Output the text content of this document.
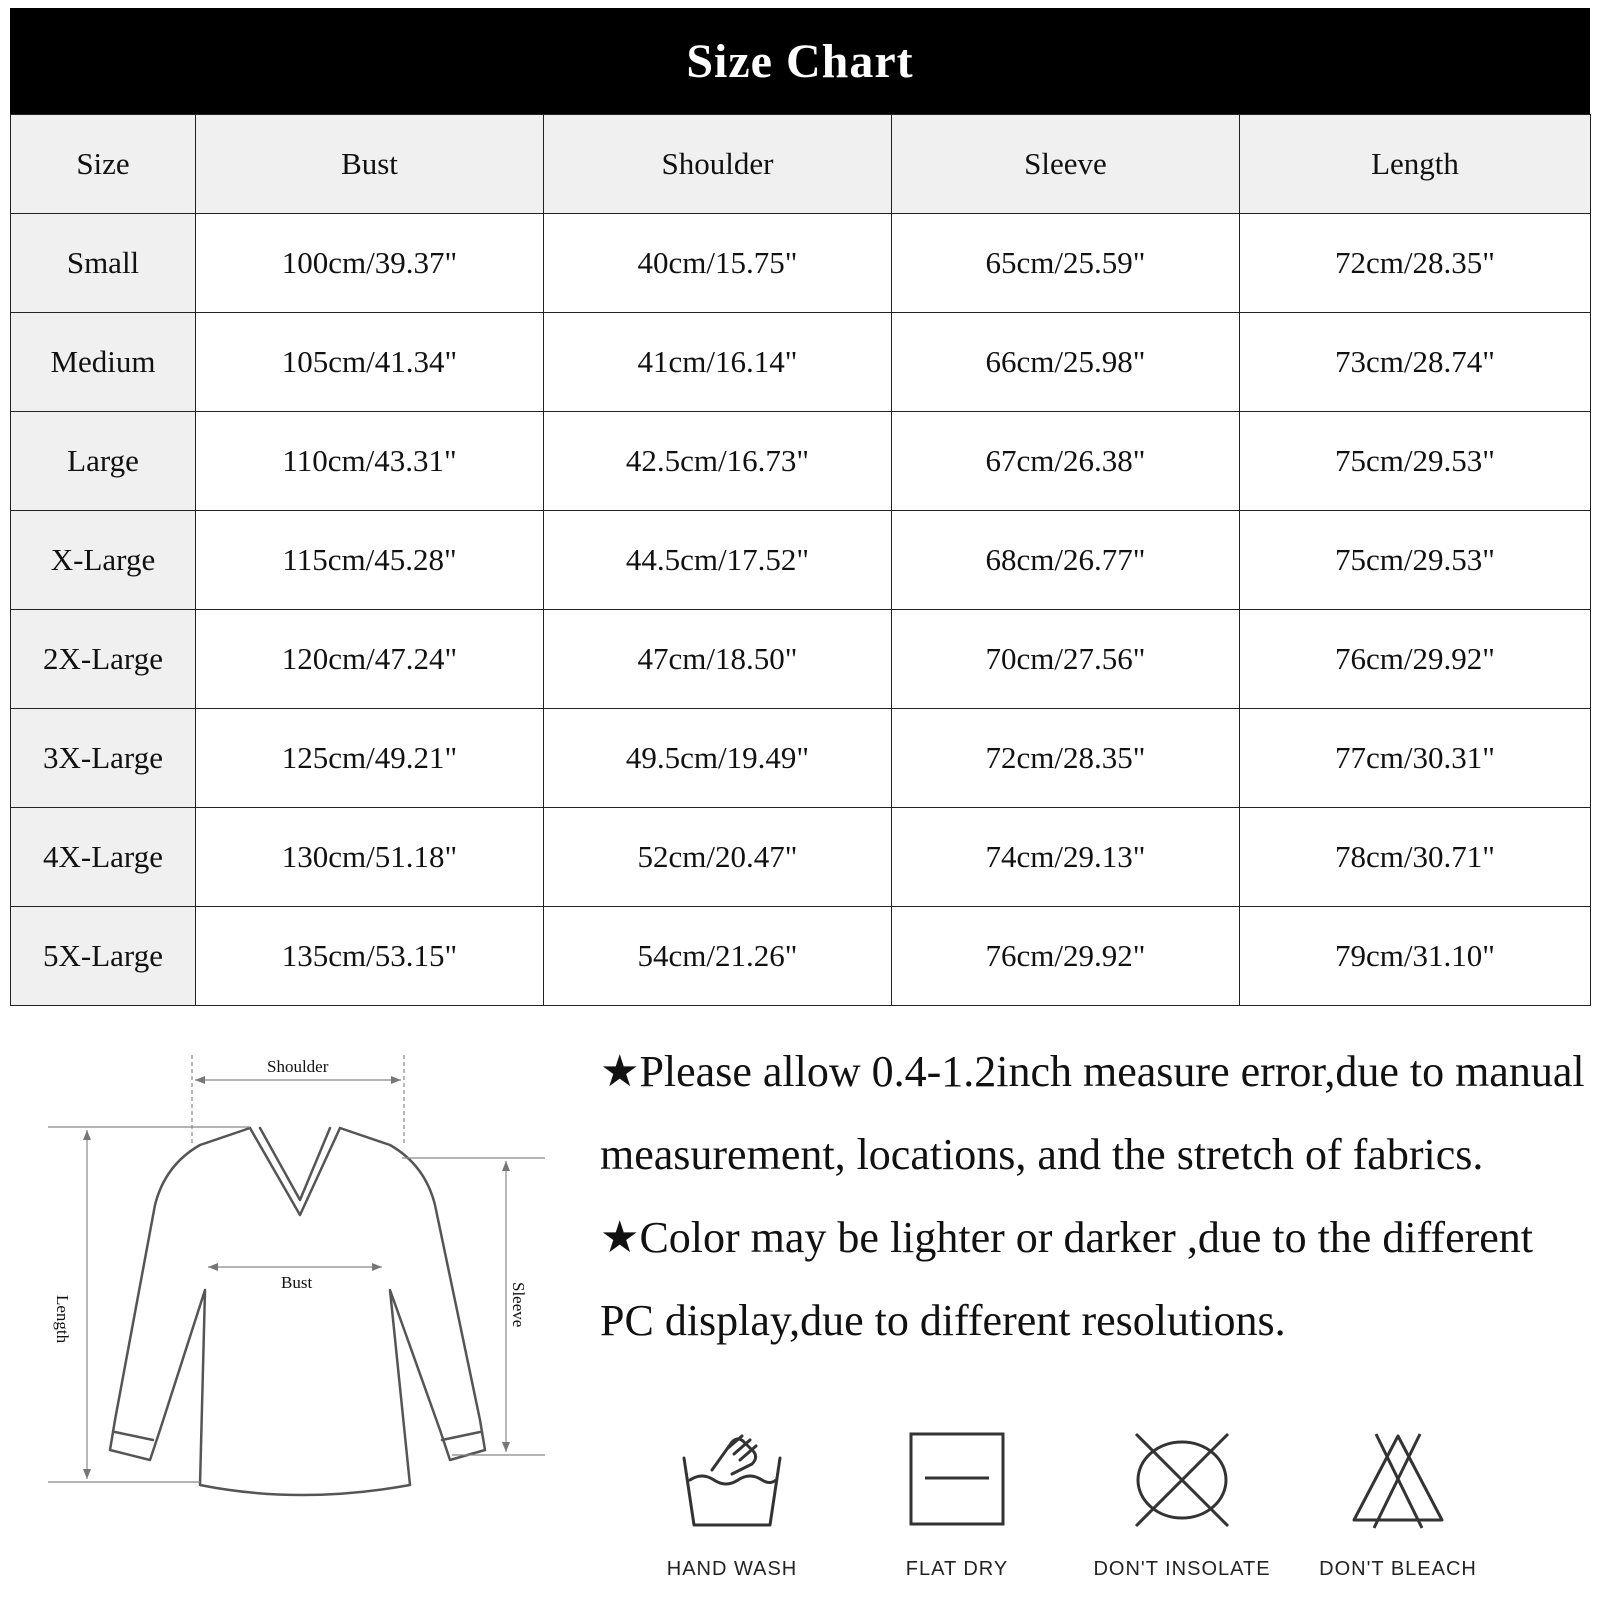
Size Chart
Size	Bust	Shoulder	Sleeve	Length
Small	100cm/39.37"	40cm/15.75"	65cm/25.59"	72cm/28.35"
Medium	105cm/41.34"	41cm/16.14"	66cm/25.98"	73cm/28.74"
Large	110cm/43.31"	42.5cm/16.73"	67cm/26.38"	75cm/29.53"
X-Large	115cm/45.28"	44.5cm/17.52"	68cm/26.77"	75cm/29.53"
2X-Large	120cm/47.24"	47cm/18.50"	70cm/27.56"	76cm/29.92"
3X-Large	125cm/49.21"	49.5cm/19.49"	72cm/28.35"	77cm/30.31"
4X-Large	130cm/51.18"	52cm/20.47"	74cm/29.13"	78cm/30.71"
5X-Large	135cm/53.15"	54cm/21.26"	76cm/29.92"	79cm/31.10"
Shoulder
Bust
Length	Sleeve

★Please allow 0.4-1.2inch measure error,due to manual measurement, locations, and the stretch of fabrics.

★Color may be lighter or darker ,due to the different PC display,due to different resolutions.

HAND WASH	FLAT DRY	DON'T INSOLATE	DON'T BLEACH
